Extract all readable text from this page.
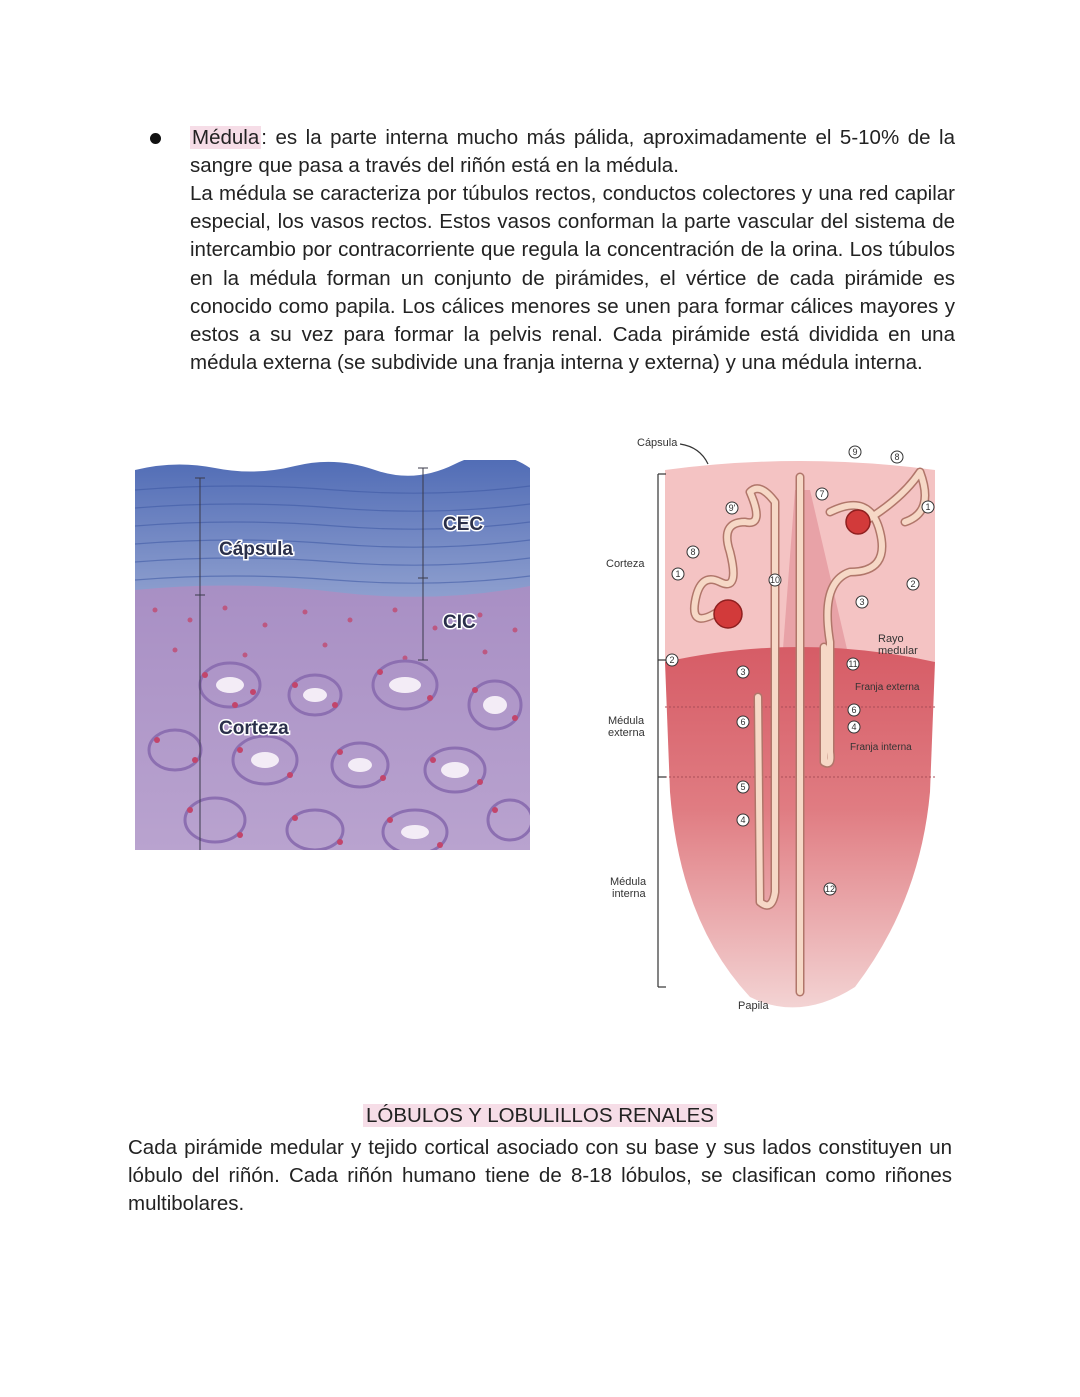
Médula: es la parte interna mucho más pálida, aproximadamente el 5-10% de la sangre que pasa a través del riñón está en la médula.
La médula se caracteriza por túbulos rectos, conductos colectores y una red capilar especial, los vasos rectos. Estos vasos conforman la parte vascular del sistema de intercambio por contracorriente que regula la concentración de la orina. Los túbulos en la médula forman un conjunto de pirámides, el vértice de cada pirámide es conocido como papila. Los cálices menores se unen para formar cálices mayores y estos a su vez para formar la pelvis renal. Cada pirámide está dividida en una médula externa (se subdivide una franja interna y externa) y una médula interna.
Cápsula
CEC
CIC
Corteza
1
2
3
4
5
6
7
8
9
9'
10
11
12
1
2
3
6
4
8
Cápsula
Corteza
Médula
externa
Médula
interna
Rayo
medular
Franja externa
Franja interna
Papila
LÓBULOS Y LOBULILLOS RENALES
Cada pirámide medular y tejido cortical asociado con su base y sus lados constituyen un lóbulo del riñón. Cada riñón humano tiene de 8-18 lóbulos, se clasifican como riñones multibolares.
